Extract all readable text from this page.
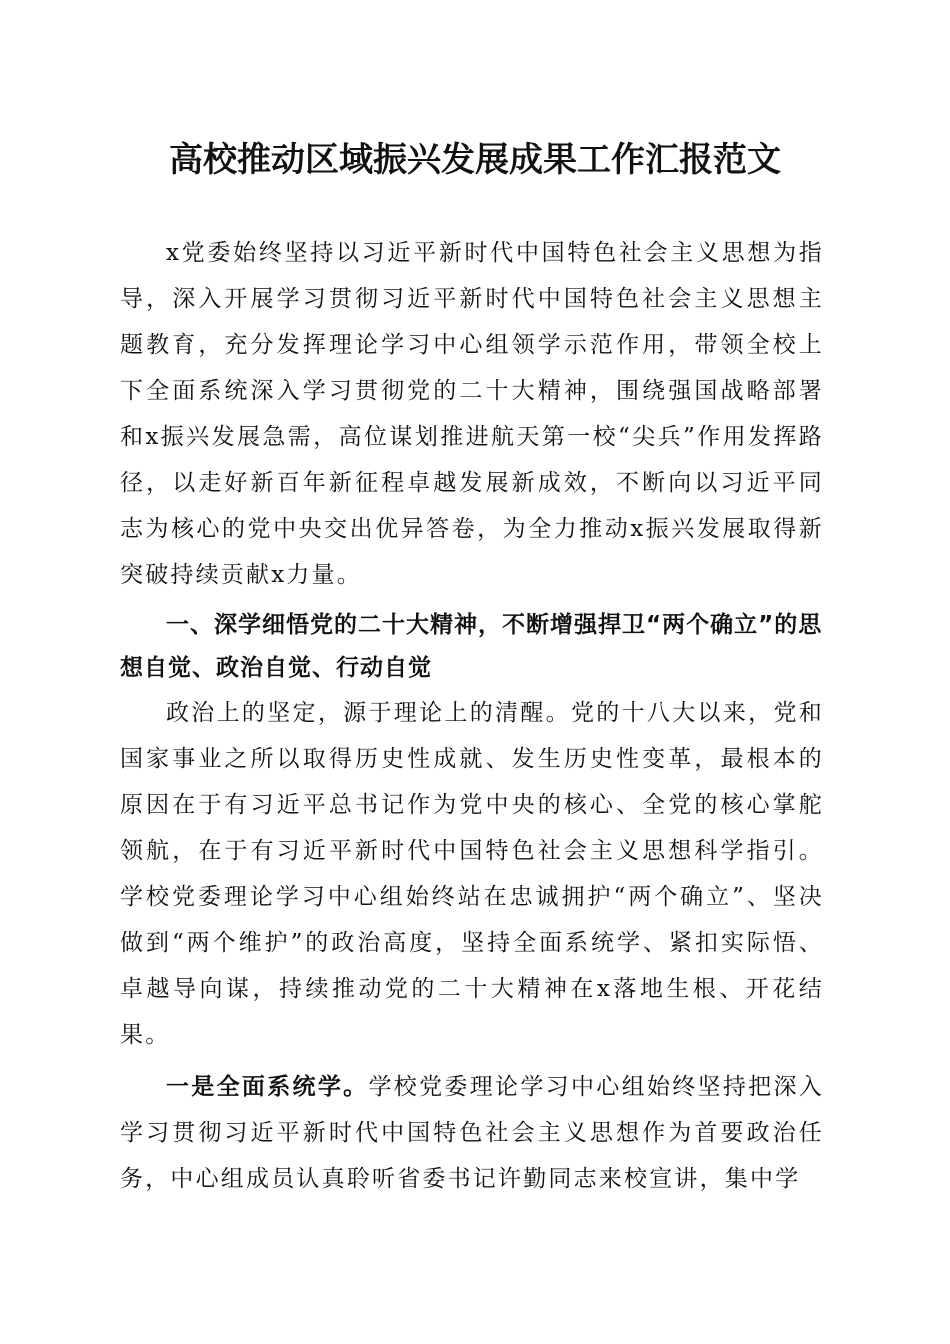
高校推动区域振兴发展成果工作汇报范文

x党委始终坚持以习近平新时代中国特色社会主义思想为指导，深入开展学习贯彻习近平新时代中国特色社会主义思想主题教育，充分发挥理论学习中心组领学示范作用，带领全校上下全面系统深入学习贯彻党的二十大精神，围绕强国战略部署和x振兴发展急需，高位谋划推进航天第一校“尖兵”作用发挥路径，以走好新百年新征程卓越发展新成效，不断向以习近平同志为核心的党中央交出优异答卷，为全力推动x振兴发展取得新突破持续贡献x力量。

一、深学细悟党的二十大精神，不断增强捍卫“两个确立”的思想自觉、政治自觉、行动自觉

政治上的坚定，源于理论上的清醒。党的十八大以来，党和国家事业之所以取得历史性成就、发生历史性变革，最根本的原因在于有习近平总书记作为党中央的核心、全党的核心掌舵领航，在于有习近平新时代中国特色社会主义思想科学指引。学校党委理论学习中心组始终站在忠诚拥护“两个确立”、坚决做到“两个维护”的政治高度，坚持全面系统学、紧扣实际悟、卓越导向谋，持续推动党的二十大精神在x落地生根、开花结果。

一是全面系统学。学校党委理论学习中心组始终坚持把深入学习贯彻习近平新时代中国特色社会主义思想作为首要政治任务，中心组成员认真聆听省委书记许勤同志来校宣讲，集中学
